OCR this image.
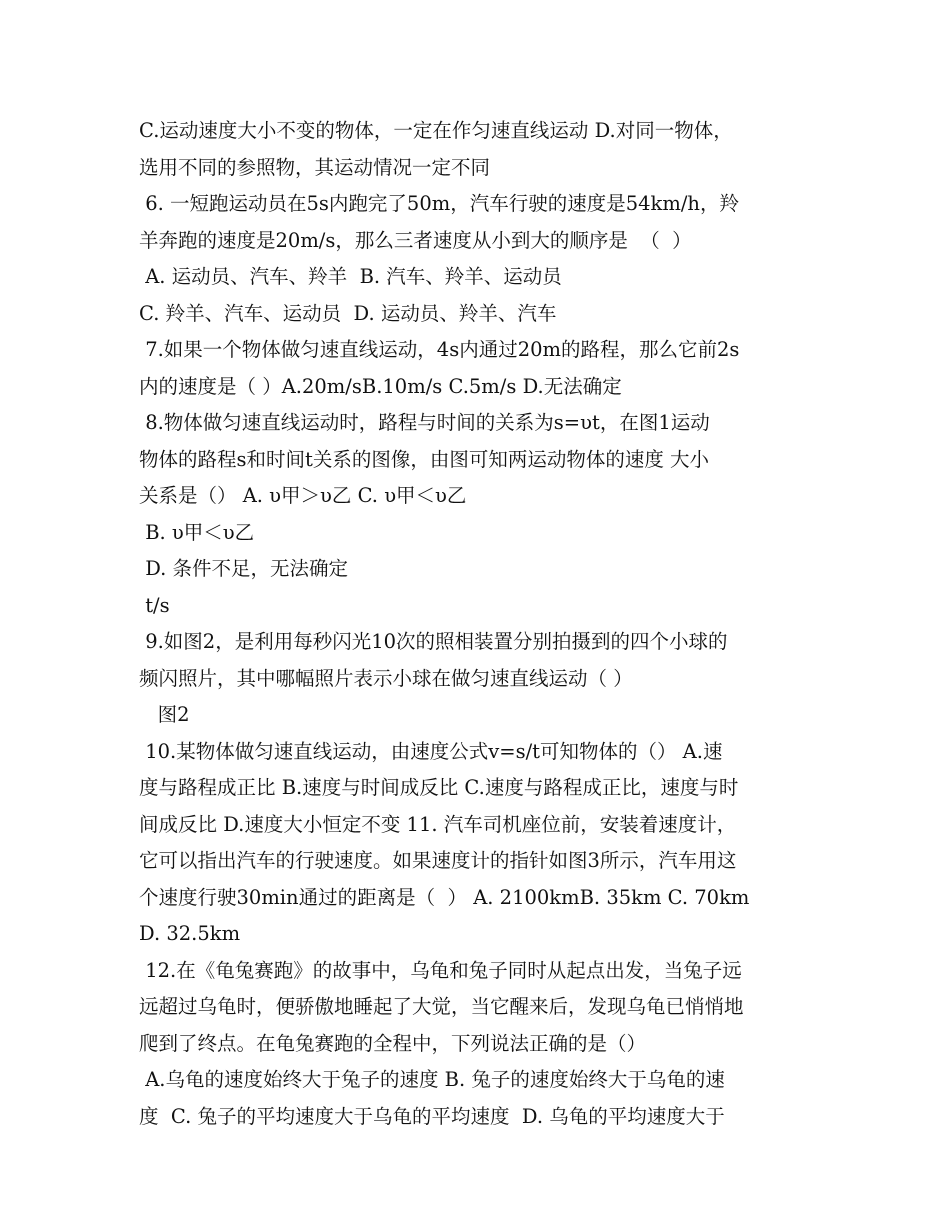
C.运动速度大小不变的物体，一定在作匀速直线运动 D.对同一物体，
选用不同的参照物，其运动情况一定不同
6. 一短跑运动员在5s内跑完了50m，汽车行驶的速度是54km/h，羚
羊奔跑的速度是20m/s，那么三者速度从小到大的顺序是  （  ）
A. 运动员、汽车、羚羊  B. 汽车、羚羊、运动员
C. 羚羊、汽车、运动员  D. 运动员、羚羊、汽车
7.如果一个物体做匀速直线运动，4s内通过20m的路程，那么它前2s
内的速度是（ ）A.20m/sB.10m/s C.5m/s D.无法确定
8.物体做匀速直线运动时，路程与时间的关系为s=υt，在图1运动
物体的路程s和时间t关系的图像，由图可知两运动物体的速度 大小
关系是（） A. υ甲＞υ乙 C. υ甲＜υ乙
B. υ甲＜υ乙
D. 条件不足，无法确定
t/s
9.如图2，是利用每秒闪光10次的照相装置分别拍摄到的四个小球的
频闪照片，其中哪幅照片表示小球在做匀速直线运动（ ）
图2
10.某物体做匀速直线运动，由速度公式v=s/t可知物体的（） A.速
度与路程成正比 B.速度与时间成反比 C.速度与路程成正比，速度与时
间成反比 D.速度大小恒定不变 11. 汽车司机座位前，安装着速度计，
它可以指出汽车的行驶速度。如果速度计的指针如图3所示，汽车用这
个速度行驶30min通过的距离是（  ） A. 2100kmB. 35km C. 70km
D. 32.5km
12.在《龟兔赛跑》的故事中，乌龟和兔子同时从起点出发，当兔子远
远超过乌龟时，便骄傲地睡起了大觉，当它醒来后，发现乌龟已悄悄地
爬到了终点。在龟兔赛跑的全程中，下列说法正确的是（）
A.乌龟的速度始终大于兔子的速度 B. 兔子的速度始终大于乌龟的速
度  C. 兔子的平均速度大于乌龟的平均速度  D. 乌龟的平均速度大于
